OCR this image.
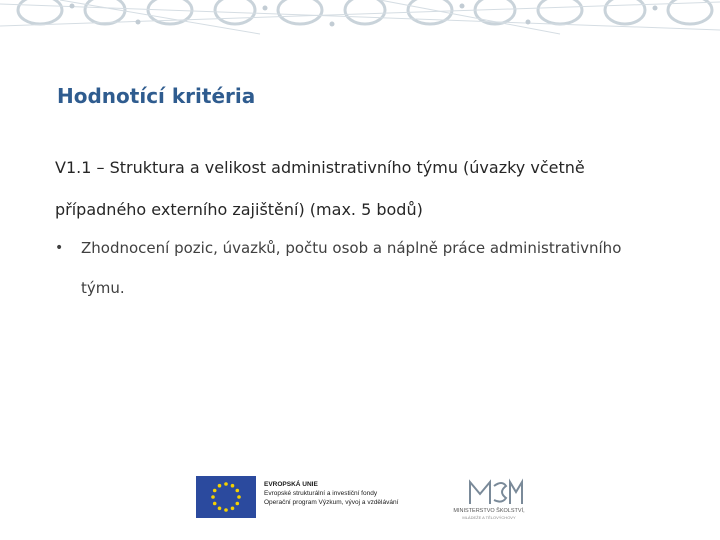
Hodnotící kritéria
V1.1 – Struktura a velikost administrativního týmu (úvazky včetně
případného externího zajištění) (max. 5 bodů)
• Zhodnocení pozic, úvazků, počtu osob a náplně práce administrativního
týmu.
EVROPSKÁ UNIE
Evropské strukturální a investiční fondy
Operační program Výzkum, vývoj a vzdělávání
MINISTERSTVO ŠKOLSTVÍ,
MLÁDEŽE A TĚLOVÝCHOVY
